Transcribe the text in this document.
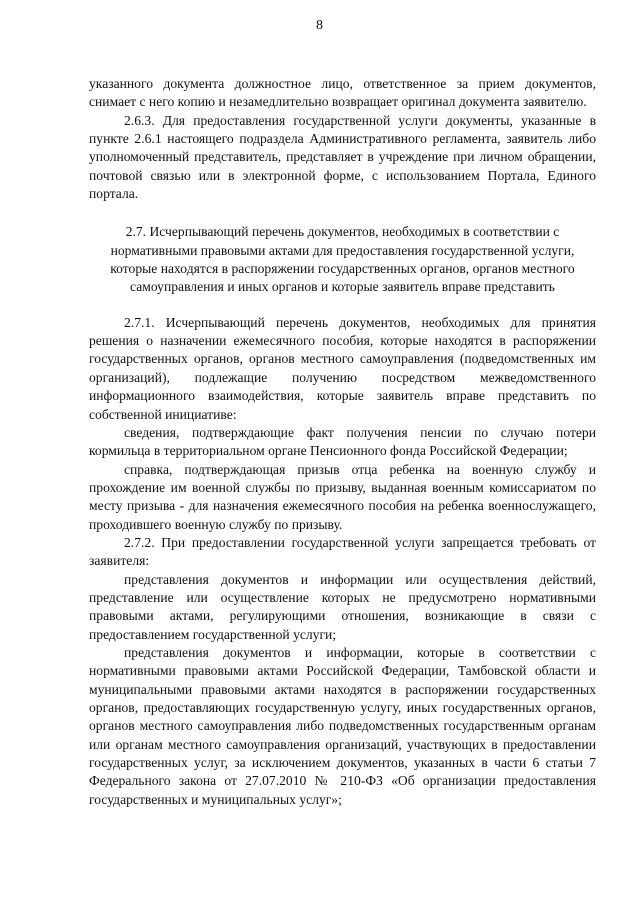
8

указанного документа должностное лицо, ответственное за прием документов, снимает с него копию и незамедлительно возвращает оригинал документа заявителю.

2.6.3. Для предоставления государственной услуги документы, указанные в пункте 2.6.1 настоящего подраздела Административного регламента, заявитель либо уполномоченный представитель, представляет в учреждение при личном обращении, почтовой связью или в электронной форме, с использованием Портала, Единого портала.

2.7. Исчерпывающий перечень документов, необходимых в соответствии с нормативными правовыми актами для предоставления государственной услуги, которые находятся в распоряжении государственных органов, органов местного самоуправления и иных органов и которые заявитель вправе представить

2.7.1. Исчерпывающий перечень документов, необходимых для принятия решения о назначении ежемесячного пособия, которые находятся в распоряжении государственных органов, органов местного самоуправления (подведомственных им организаций), подлежащие получению посредством межведомственного информационного взаимодействия, которые заявитель вправе представить по собственной инициативе:

сведения, подтверждающие факт получения пенсии по случаю потери кормильца в территориальном органе Пенсионного фонда Российской Федерации;

справка, подтверждающая призыв отца ребенка на военную службу и прохождение им военной службы по призыву, выданная военным комиссариатом по месту призыва - для назначения ежемесячного пособия на ребенка военнослужащего, проходившего военную службу по призыву.

2.7.2. При предоставлении государственной услуги запрещается требовать от заявителя:

представления документов и информации или осуществления действий, представление или осуществление которых не предусмотрено нормативными правовыми актами, регулирующими отношения, возникающие в связи с предоставлением государственной услуги;

представления документов и информации, которые в соответствии с нормативными правовыми актами Российской Федерации, Тамбовской области и муниципальными правовыми актами находятся в распоряжении государственных органов, предоставляющих государственную услугу, иных государственных органов, органов местного самоуправления либо подведомственных государственным органам или органам местного самоуправления организаций, участвующих в предоставлении государственных услуг, за исключением документов, указанных в части 6 статьи 7 Федерального закона от 27.07.2010 № 210-ФЗ «Об организации предоставления государственных и муниципальных услуг»;
